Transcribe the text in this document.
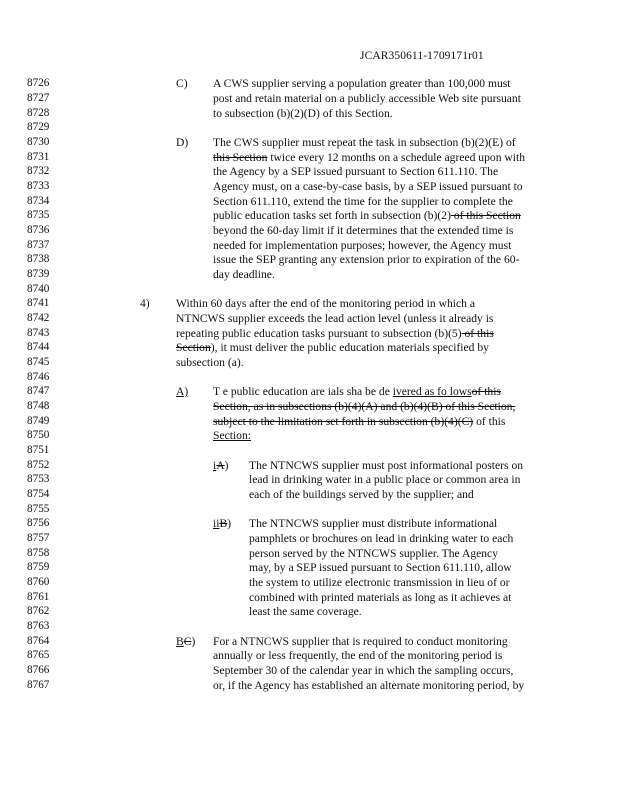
JCAR350611-1709171r01
8726
8727
8728
8729
8730
8731
8732
8733
8734
8735
8736
8737
8738
8739
8740
8741
8742
8743
8744
8745
8746
8747
8748
8749
8750
8751
8752
8753
8754
8755
8756
8757
8758
8759
8760
8761
8762
8763
8764
8765
8766
8767
C) A CWS supplier serving a population greater than 100,000 must
post and retain material on a publicly accessible Web site pursuant
to subsection (b)(2)(D) of this Section.
D) The CWS supplier must repeat the task in subsection (b)(2)(E) of
this Section twice every 12 months on a schedule agreed upon with
the Agency by a SEP issued pursuant to Section 611.110. The
Agency must, on a case-by-case basis, by a SEP issued pursuant to
Section 611.110, extend the time for the supplier to complete the
public education tasks set forth in subsection (b)(2) of this Section
beyond the 60-day limit if it determines that the extended time is
needed for implementation purposes; however, the Agency must
issue the SEP granting any extension prior to expiration of the 60-
day deadline.
4) Within 60 days after the end of the monitoring period in which a
NTNCWS supplier exceeds the lead action level (unless it already is
repeating public education tasks pursuant to subsection (b)(5) of this
Section), it must deliver the public education materials specified by
subsection (a).
A) T e public education are ials sha be de ivered as fo lowsof this
Section, as in subsections (b)(4)(A) and (b)(4)(B) of this Section,
subject to the limitation set forth in subsection (b)(4)(C) of this
Section:
iA) The NTNCWS supplier must post informational posters on
lead in drinking water in a public place or common area in
each of the buildings served by the supplier; and
iiB) The NTNCWS supplier must distribute informational
pamphlets or brochures on lead in drinking water to each
person served by the NTNCWS supplier. The Agency
may, by a SEP issued pursuant to Section 611.110, allow
the system to utilize electronic transmission in lieu of or
combined with printed materials as long as it achieves at
least the same coverage.
BC) For a NTNCWS supplier that is required to conduct monitoring
annually or less frequently, the end of the monitoring period is
September 30 of the calendar year in which the sampling occurs,
or, if the Agency has established an alternate monitoring period, by
